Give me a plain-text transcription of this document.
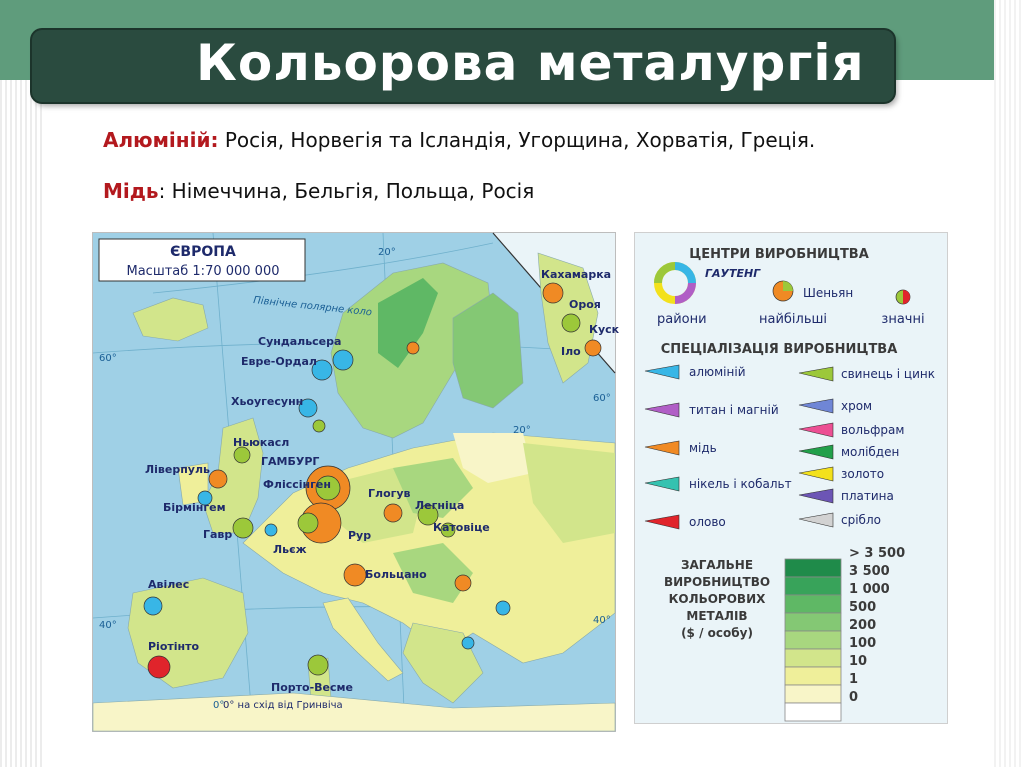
Кольорова металургія
Алюміній: Росія, Норвегія та Ісландія, Угорщина, Хорватія, Греція.
Мідь: Німеччина, Бельгія, Польща, Росія
ЄВРОПА
Масштаб 1:70 000 000
Північне полярне коло
0° на схід від Гринвіча
20°
60°
40°	40°
0°
60°
20°
Сундальсера
Евре-Ордал
Хьоугесунн
Ньюкасл
ГАМБУРГ
Флісcінген
Ліверпуль
Бірмінгем
Гавр
Льєж
Рур
Глогув
Легніца
Катовіце
Больцано
Авілес
Ріотінто
Порто-Весме
Кахамарка
Ороя
Куск
Іло
ЦЕНТРИ ВИРОБНИЦТВА
ГАУТЕНГ
Шеньян
райони	найбільші	значні
СПЕЦІАЛІЗАЦІЯ ВИРОБНИЦТВА
алюміній
титан і магній
мідь
нікель і кобальт
олово
свинець і цинк
хром
вольфрам
молібден
золото
платина
срібло
ЗАГАЛЬНЕ
ВИРОБНИЦТВО
КОЛЬОРОВИХ
МЕТАЛІВ
($ / особу)
> 3 500
3 500
1 000
500
200
100
10
1
0
